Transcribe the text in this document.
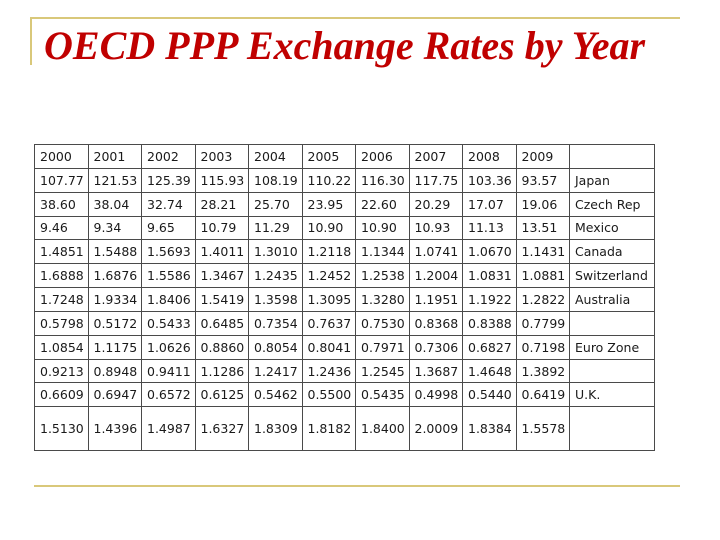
OECD PPP Exchange Rates by Year
2000	2001	2002	2003	2004	2005	2006	2007	2008	2009	
107.77	121.53	125.39	115.93	108.19	110.22	116.30	117.75	103.36	93.57	Japan
38.60	38.04	32.74	28.21	25.70	23.95	22.60	20.29	17.07	19.06	Czech Rep
9.46	9.34	9.65	10.79	11.29	10.90	10.90	10.93	11.13	13.51	Mexico
1.4851	1.5488	1.5693	1.4011	1.3010	1.2118	1.1344	1.0741	1.0670	1.1431	Canada
1.6888	1.6876	1.5586	1.3467	1.2435	1.2452	1.2538	1.2004	1.0831	1.0881	Switzerland
1.7248	1.9334	1.8406	1.5419	1.3598	1.3095	1.3280	1.1951	1.1922	1.2822	Australia
0.5798	0.5172	0.5433	0.6485	0.7354	0.7637	0.7530	0.8368	0.8388	0.7799	
1.0854	1.1175	1.0626	0.8860	0.8054	0.8041	0.7971	0.7306	0.6827	0.7198	Euro Zone
0.9213	0.8948	0.9411	1.1286	1.2417	1.2436	1.2545	1.3687	1.4648	1.3892	
0.6609	0.6947	0.6572	0.6125	0.5462	0.5500	0.5435	0.4998	0.5440	0.6419	U.K.
1.5130	1.4396	1.4987	1.6327	1.8309	1.8182	1.8400	2.0009	1.8384	1.5578	
